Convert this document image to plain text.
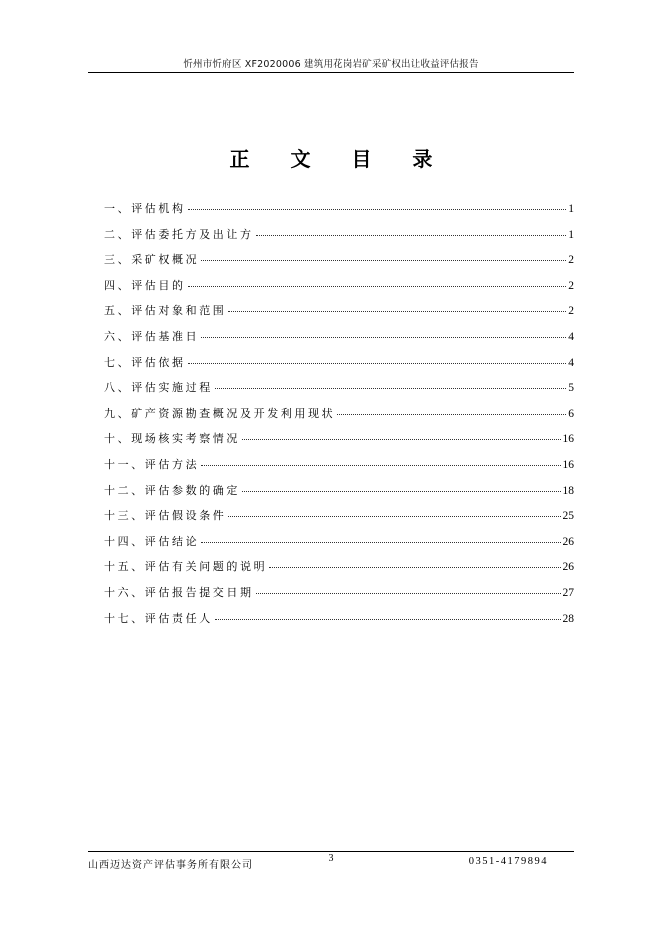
忻州市忻府区 XF2020006 建筑用花岗岩矿采矿权出让收益评估报告
正 文 目 录
一、评估机构	1
二、评估委托方及出让方	1
三、采矿权概况	2
四、评估目的	2
五、评估对象和范围	2
六、评估基准日	4
七、评估依据	4
八、评估实施过程	5
九、矿产资源勘查概况及开发利用现状	6
十、现场核实考察情况	16
十一、评估方法	16
十二、评估参数的确定	18
十三、评估假设条件	25
十四、评估结论	26
十五、评估有关问题的说明	26
十六、评估报告提交日期	27
十七、评估责任人	28
山西迈达资产评估事务所有限公司
3	0351-4179894
